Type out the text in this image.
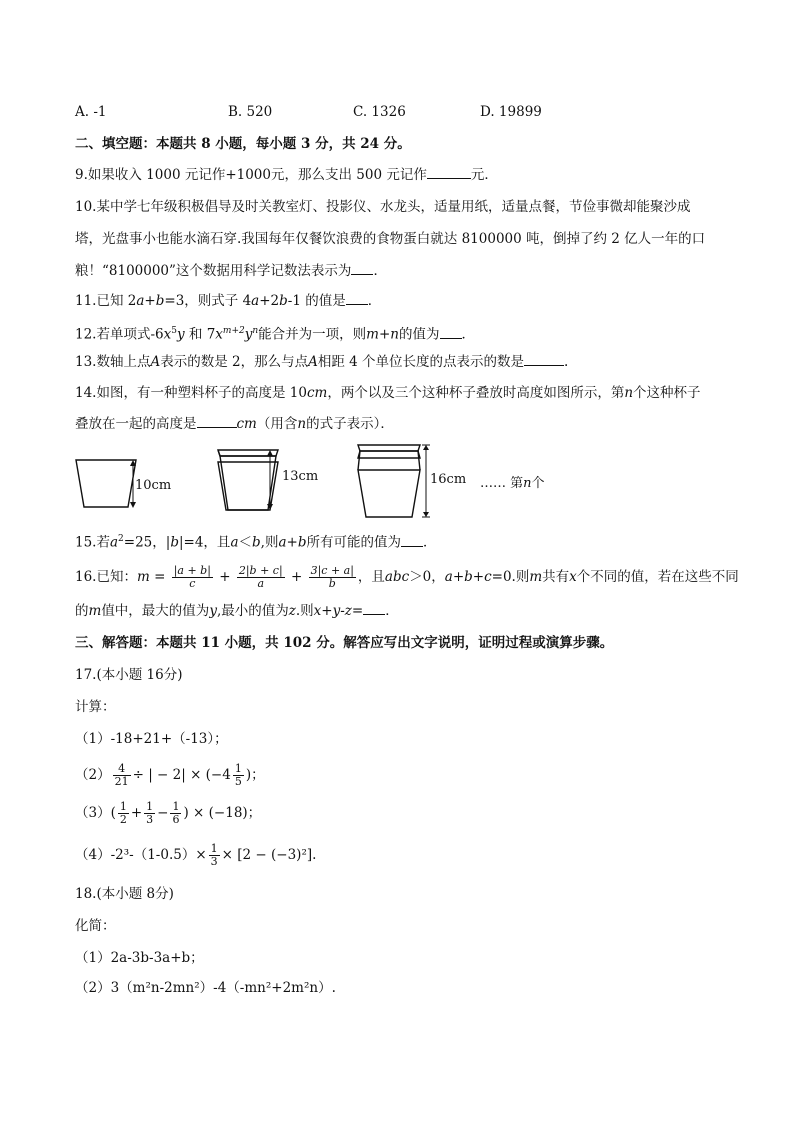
A. -1	B. 520	C. 1326	D. 19899
二、填空题：本题共 8 小题，每小题 3 分，共 24 分。
9.如果收入 1000 元记作+1000元，那么支出 500 元记作	元．
10.某中学七年级积极倡导及时关教室灯、投影仪、水龙头，适量用纸，适量点餐，节俭事微却能聚沙成
塔，光盘事小也能水滴石穿.我国每年仅餐饮浪费的食物蛋白就达 8100000 吨，倒掉了约 2 亿人一年的口
粮！“8100000”这个数据用科学记数法表示为 ．
11.已知 2a+b=3，则式子 4a+2b-1 的值是 ．
12.若单项式$-6x^5y$ 和 $7x^{m+2}y^n$能合并为一项，则m+n的值为 ．
13.数轴上点A表示的数是 2，那么与点A相距 4 个单位长度的点表示的数是	.
14.如图，有一种塑料杯子的高度是 10cm，两个以及三个这种杯子叠放时高度如图所示，第n个这种杯子
叠放在一起的高度是	cm（用含n的式子表示）．
10cm
13cm	16cm …… 第n个
15.若$a^2=25$，|b|=4，且a＜b,则a+b所有可能的值为 ．
16.已知：$m = \frac{|a + b|}{c} + \frac{2|b + c|}{a} + \frac{3|c + a|}{b}$ ，且abc＞0，a+b+c=0.则m共有x个不同的值，若在这些不同
的m值中，最大的值为y,最小的值为z.则x+y-z= ．
三、解答题：本题共 11 小题，共 102 分。解答应写出文字说明，证明过程或演算步骤。
17.(本小题 16分)
计算：
（1）-18+21+（-13）；
$(2) \frac{4}{21}$ ÷ | − $2| \times (-4 \frac{1}{5}$ )；
$(3)( \frac{1}{2} + \frac{1}{3} - \frac{1}{6}$ ) × (−18)；
$(4)-2^3-(1-0.5)\times \frac{1}{3} \times [2 - (-3)^2]$.
18.(本小题 8分)
化简：
（1）2a-3b-3a+b；
（2）3（m²n-2mn²）-4（-mn²+2m²n）.
